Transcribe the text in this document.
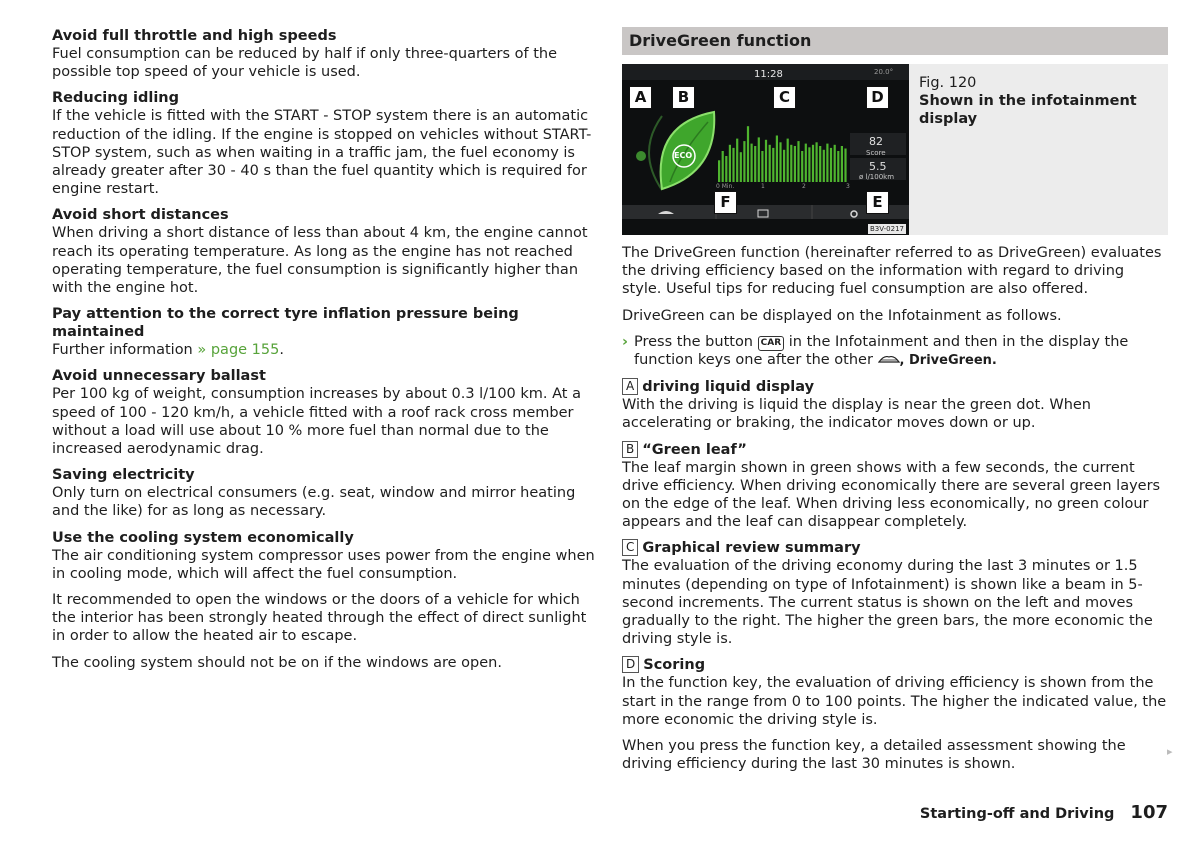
Avoid full throttle and high speeds
Fuel consumption can be reduced by half if only three-quarters of the possible top speed of your vehicle is used.
Reducing idling
If the vehicle is fitted with the START - STOP system there is an automatic reduction of the idling. If the engine is stopped on vehicles without START-STOP system, such as when waiting in a traffic jam, the fuel economy is already greater after 30 - 40 s than the fuel quantity which is required for engine restart.
Avoid short distances
When driving a short distance of less than about 4 km, the engine cannot reach its operating temperature. As long as the engine has not reached operating temperature, the fuel consumption is significantly higher than with the engine hot.
Pay attention to the correct tyre inflation pressure being maintained
Further information » page 155.
Avoid unnecessary ballast
Per 100 kg of weight, consumption increases by about 0.3 l/100 km. At a speed of 100 - 120 km/h, a vehicle fitted with a roof rack cross member without a load will use about 10 % more fuel than normal due to the increased aerodynamic drag.
Saving electricity
Only turn on electrical consumers (e.g. seat, window and mirror heating and the like) for as long as necessary.
Use the cooling system economically
The air conditioning system compressor uses power from the engine when in cooling mode, which will affect the fuel consumption.
It recommended to open the windows or the doors of a vehicle for which the interior has been strongly heated through the effect of direct sunlight in order to allow the heated air to escape.
The cooling system should not be on if the windows are open.
DriveGreen function
11:28	20.0°
ECO
82
Score
5.5
ø l/100km
0 Min.	1	2	3
A	B	C	D
E
F
B3V-0217
Fig. 120
Shown in the infotainment display
The DriveGreen function (hereinafter referred to as DriveGreen) evaluates the driving efficiency based on the information with regard to driving style. Useful tips for reducing fuel consumption are also offered.
DriveGreen can be displayed on the Infotainment as follows.
› Press the button CAR in the Infotainment and then in the display the function keys one after the other , DriveGreen.
A driving liquid display
With the driving is liquid the display is near the green dot. When accelerating or braking, the indicator moves down or up.
B “Green leaf”
The leaf margin shown in green shows with a few seconds, the current drive efficiency. When driving economically there are several green layers on the edge of the leaf. When driving less economically, no green colour appears and the leaf can disappear completely.
C Graphical review summary
The evaluation of the driving economy during the last 3 minutes or 1.5 minutes (depending on type of Infotainment) is shown like a beam in 5-second increments. The current status is shown on the left and moves gradually to the right. The higher the green bars, the more economic the driving style is.
D Scoring
In the function key, the evaluation of driving efficiency is shown from the start in the range from 0 to 100 points. The higher the indicated value, the more economic the driving style is.
When you press the function key, a detailed assessment showing the driving efficiency during the last 30 minutes is shown.
▸
Starting-off and Driving 107
